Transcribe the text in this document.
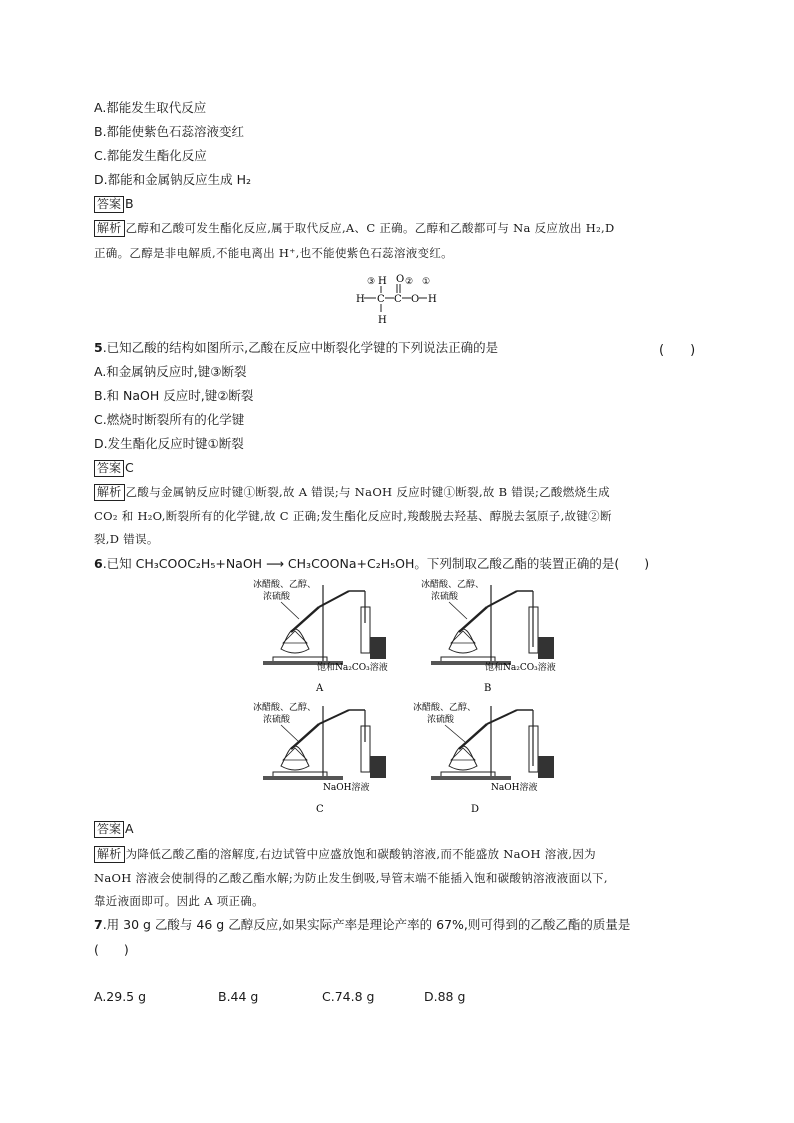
A.都能发生取代反应
B.都能使紫色石蕊溶液变红
C.都能发生酯化反应
D.都能和金属钠反应生成 H₂
答案 B
解析 乙醇和乙酸可发生酯化反应,属于取代反应,A、C 正确。乙醇和乙酸都可与 Na 反应放出 H₂,D
正确。乙醇是非电解质,不能电离出 H⁺,也不能使紫色石蕊溶液变红。
③ H O ② ①
H C C O H
H
5.已知乙酸的结构如图所示,乙酸在反应中断裂化学键的下列说法正确的是	(　　)
A.和金属钠反应时,键③断裂
B.和 NaOH 反应时,键②断裂
C.燃烧时断裂所有的化学键
D.发生酯化反应时键①断裂
答案 C
解析 乙酸与金属钠反应时键①断裂,故 A 错误;与 NaOH 反应时键①断裂,故 B 错误;乙酸燃烧生成
CO₂ 和 H₂O,断裂所有的化学键,故 C 正确;发生酯化反应时,羧酸脱去羟基、醇脱去氢原子,故键②断
裂,D 错误。
6.已知 CH₃COOC₂H₅+NaOH ⟶ CH₃COONa+C₂H₅OH。下列制取乙酸乙酯的装置正确的是(　　)
冰醋酸、乙醇、
浓硫酸
饱和Na₂CO₃溶液
A
冰醋酸、乙醇、
浓硫酸
饱和Na₂CO₃溶液
B
冰醋酸、乙醇、
浓硫酸
NaOH溶液
C
冰醋酸、乙醇、
浓硫酸
NaOH溶液
D
答案 A
解析 为降低乙酸乙酯的溶解度,右边试管中应盛放饱和碳酸钠溶液,而不能盛放 NaOH 溶液,因为
NaOH 溶液会使制得的乙酸乙酯水解;为防止发生倒吸,导管末端不能插入饱和碳酸钠溶液液面以下,
靠近液面即可。因此 A 项正确。
7.用 30 g 乙酸与 46 g 乙醇反应,如果实际产率是理论产率的 67%,则可得到的乙酸乙酯的质量是
(　　)
A.29.5 g	B.44 g	C.74.8 g	D.88 g
